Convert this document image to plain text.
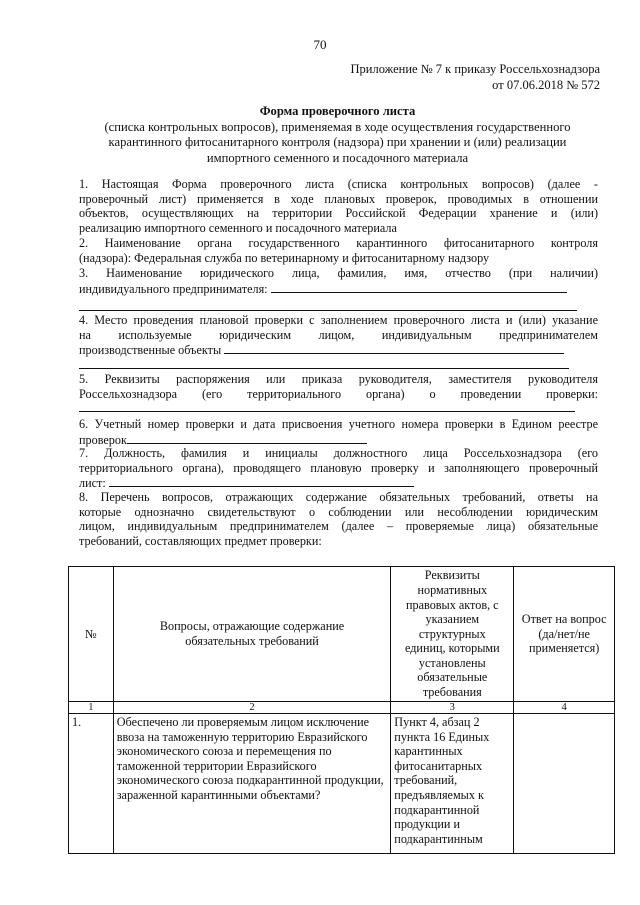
70
Приложение № 7 к приказу Россельхознадзора
от 07.06.2018 № 572
Форма проверочного листа
(списка контрольных вопросов), применяемая в ходе осуществления государственного
карантинного фитосанитарного контроля (надзора) при хранении и (или) реализации
импортного семенного и посадочного материала
1. Настоящая Форма проверочного листа (списка контрольных вопросов) (далее -
проверочный лист) применяется в ходе плановых проверок, проводимых в отношении
объектов, осуществляющих на территории Российской Федерации хранение и (или)
реализацию импортного семенного и посадочного материала
2. Наименование органа государственного карантинного фитосанитарного контроля
(надзора): Федеральная служба по ветеринарному и фитосанитарному надзору
3. Наименование юридического лица, фамилия, имя, отчество (при наличии)
индивидуального предпринимателя:
4. Место проведения плановой проверки с заполнением проверочного листа и (или) указание
на используемые юридическим лицом, индивидуальным предпринимателем
производственные объекты
5. Реквизиты распоряжения или приказа руководителя, заместителя руководителя
Россельхознадзора (его территориального органа) о проведении проверки:
6. Учетный номер проверки и дата присвоения учетного номера проверки в Едином реестре
проверок
7. Должность, фамилия и инициалы должностного лица Россельхознадзора (его
территориального органа), проводящего плановую проверку и заполняющего проверочный
лист:
8. Перечень вопросов, отражающих содержание обязательных требований, ответы на
которые однозначно свидетельствуют о соблюдении или несоблюдении юридическим
лицом, индивидуальным предпринимателем (далее – проверяемые лица) обязательные
требований, составляющих предмет проверки:
№	Вопросы, отражающие содержание обязательных требований	Реквизиты нормативных правовых актов, с указанием структурных единиц, которыми установлены обязательные требования	Ответ на вопрос (да/нет/не применяется)
1	2	3	4
1.	Обеспечено ли проверяемым лицом исключение ввоза на таможенную территорию Евразийского экономического союза и перемещения по таможенной территории Евразийского экономического союза подкарантинной продукции, зараженной карантинными объектами?	Пункт 4, абзац 2 пункта 16 Единых карантинных фитосанитарных требований, предъявляемых к подкарантинной продукции и подкарантинным	
